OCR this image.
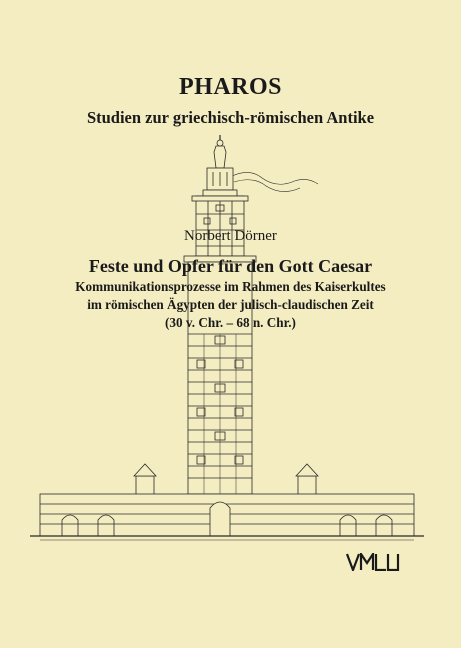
PHAROS
Studien zur griechisch-römischen Antike
Norbert Dörner
Feste und Opfer für den Gott Caesar
Kommunikationsprozesse im Rahmen des Kaiserkultes
im römischen Ägypten der julisch-claudischen Zeit
(30 v. Chr. – 68 n. Chr.)
